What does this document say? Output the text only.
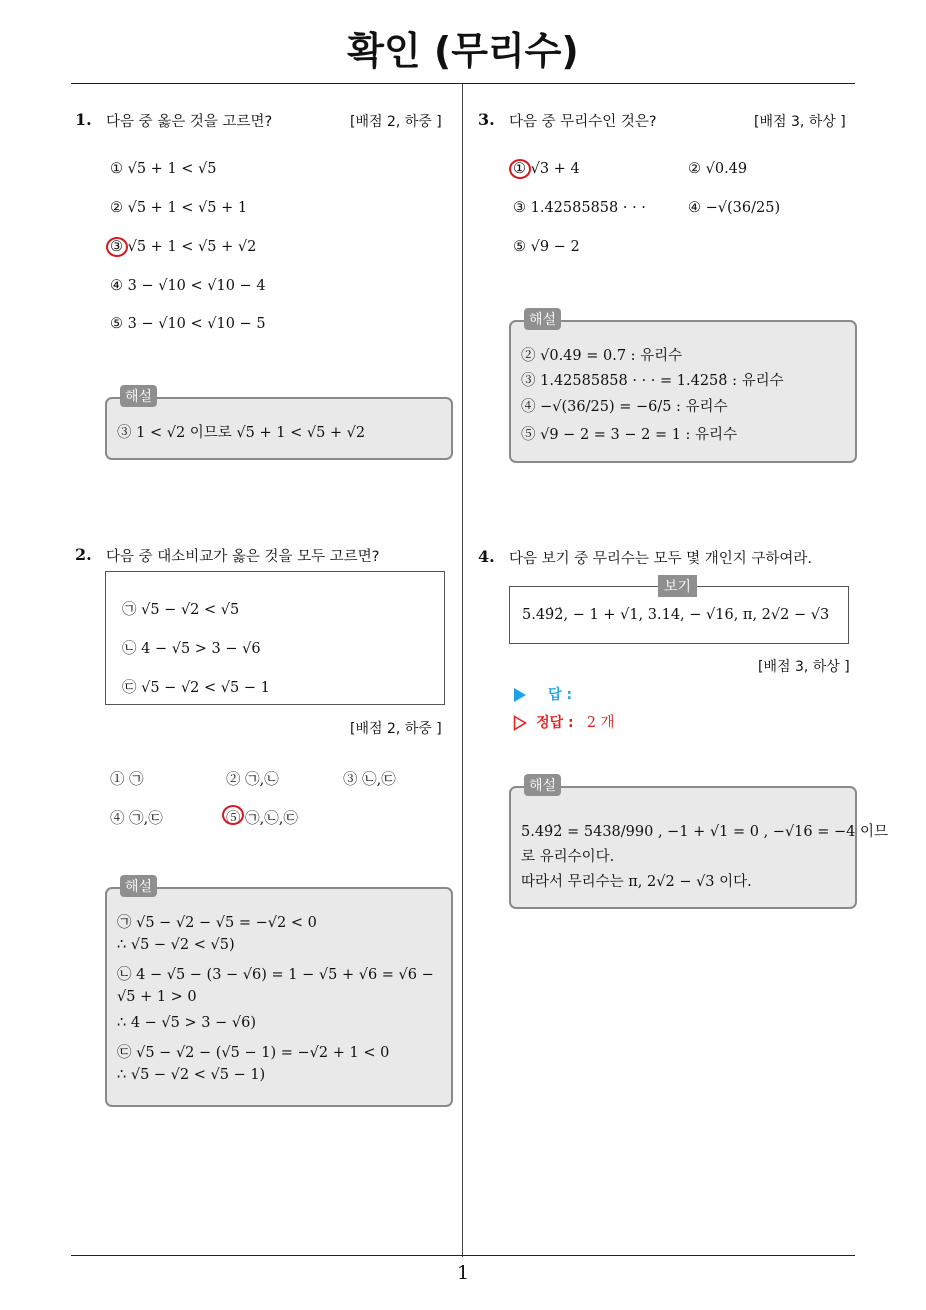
확인 (무리수)
1. 다음 중 옳은 것을 고르면?	[배점 2, 하중 ]
① √5 + 1 < √5
② √5 + 1 < √5 + 1
③ √5 + 1 < √5 + √2
④ 3 − √10 < √10 − 4
⑤ 3 − √10 < √10 − 5
③ 1 < √2 이므로 √5 + 1 < √5 + √2
해설
2. 다음 중 대소비교가 옳은 것을 모두 고르면?
㉠ √5 − √2 < √5
㉡ 4 − √5 > 3 − √6
㉢ √5 − √2 < √5 − 1
[배점 2, 하중 ]
① ㉠	② ㉠,㉡	③ ㉡,㉢
④ ㉠,㉢	⑤ ㉠,㉡,㉢
㉠ √5 − √2 − √5 = −√2 < 0
∴ √5 − √2 < √5)
㉡ 4 − √5 − (3 − √6) = 1 − √5 + √6 = √6 −
√5 + 1 > 0
∴ 4 − √5 > 3 − √6)
㉢ √5 − √2 − (√5 − 1) = −√2 + 1 < 0
∴ √5 − √2 < √5 − 1)
해설
3. 다음 중 무리수인 것은?	[배점 3, 하상 ]
① √3 + 4	② √0.49
③ 1.42585858 · · ·	④ −√(36/25)
⑤ √9 − 2
② √0.49 = 0.7 : 유리수
③ 1.42585858 · · · = 1.4258̇ : 유리수
④ −√(36/25) = −6/5 : 유리수
⑤ √9 − 2 = 3 − 2 = 1 : 유리수
해설
4. 다음 보기 중 무리수는 모두 몇 개인지 구하여라.
5.49̇2̇, − 1 + √1, 3.14, − √16, π, 2√2 − √3
보기
[배점 3, 하상 ]
답 :
정답 : 2 개
5.49̇2̇ = 5438/990 , −1 + √1 = 0 , −√16 = −4 이므
로 유리수이다.
따라서 무리수는 π, 2√2 − √3 이다.
해설
1
